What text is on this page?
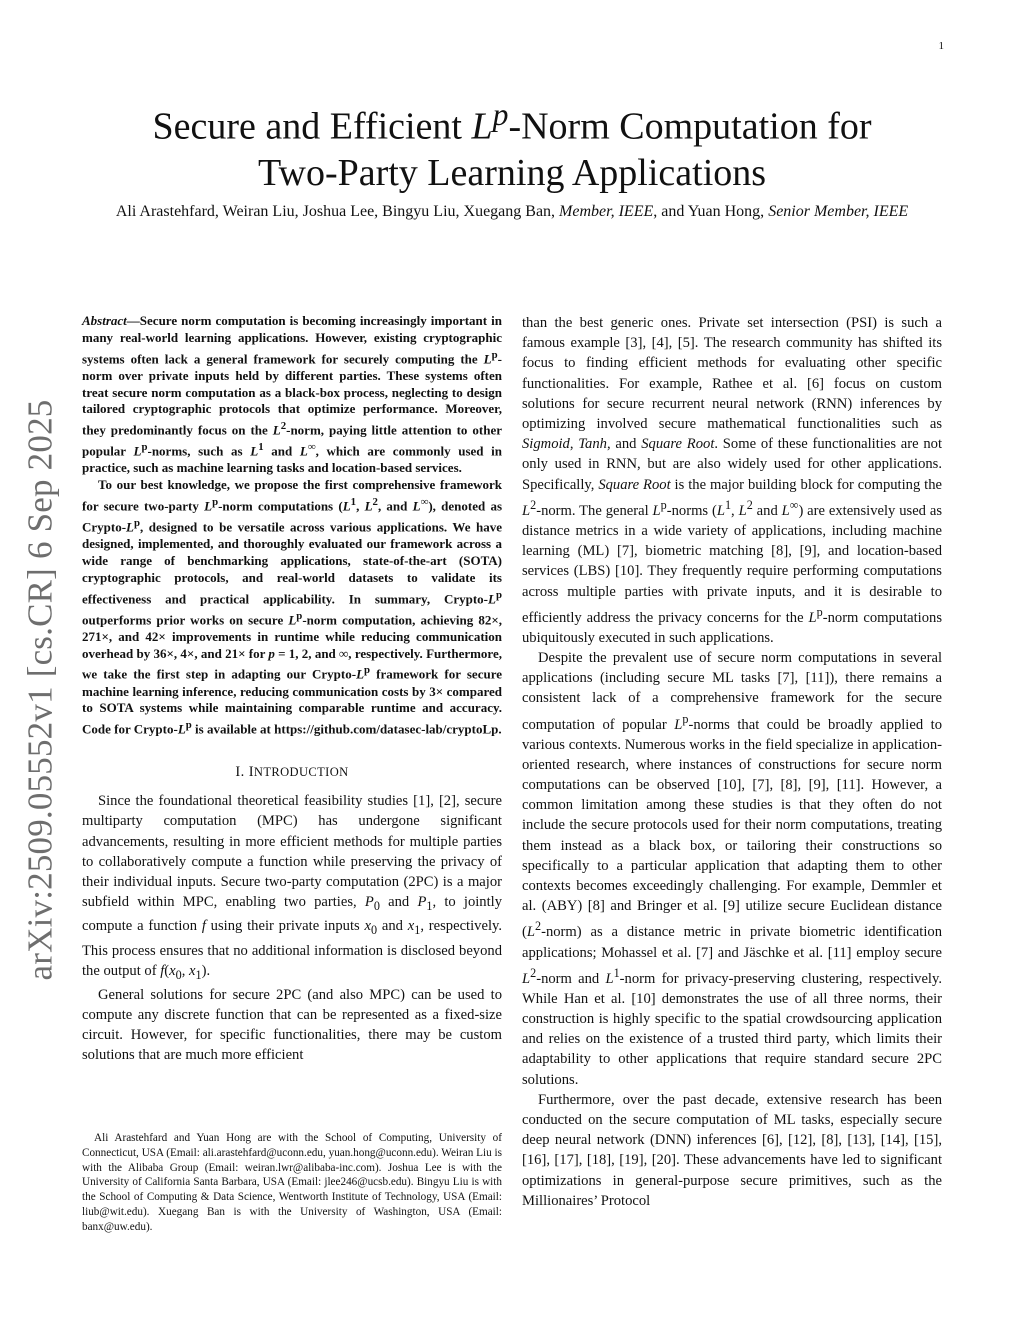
1
arXiv:2509.05552v1 [cs.CR] 6 Sep 2025
Secure and Efficient $L^p$-Norm Computation for
Two-Party Learning Applications
Ali Arastehfard, Weiran Liu, Joshua Lee, Bingyu Liu, Xuegang Ban, Member, IEEE, and Yuan Hong, Senior Member, IEEE

Abstract—Secure norm computation is becoming increasingly important in many real-world learning applications. However, existing cryptographic systems often lack a general framework for securely computing the $L^p$-norm over private inputs held by different parties. These systems often treat secure norm computation as a black-box process, neglecting to design tailored cryptographic protocols that optimize performance. Moreover, they predominantly focus on the $L^2$-norm, paying little attention to other popular $L^p$-norms, such as $L^1$ and L∞, which are commonly used in practice, such as machine learning tasks and location-based services.

To our best knowledge, we propose the first comprehensive framework for secure two-party $L^p$-norm computations ($L^1$, $L^2$, and L∞), denoted as Crypto-$L^p$, designed to be versatile across various applications. We have designed, implemented, and thoroughly evaluated our framework across a wide range of benchmarking applications, state-of-the-art (SOTA) cryptographic protocols, and real-world datasets to validate its effectiveness and practical applicability. In summary, Crypto-$L^p$ outperforms prior works on secure $L^p$-norm computation, achieving 82×, 271×, and 42× improvements in runtime while reducing communication overhead by 36×, 4×, and 21× for p = 1, 2, and ∞, respectively. Furthermore, we take the first step in adapting our Crypto-$L^p$ framework for secure machine learning inference, reducing communication costs by 3× compared to SOTA systems while maintaining comparable runtime and accuracy. Code for Crypto-$L^p$ is available at https://github.com/datasec-lab/cryptoLp.

I. INTRODUCTION

Since the foundational theoretical feasibility studies [1], [2], secure multiparty computation (MPC) has undergone significant advancements, resulting in more efficient methods for multiple parties to collaboratively compute a function while preserving the privacy of their individual inputs. Secure two-party computation (2PC) is a major subfield within MPC, enabling two parties, $P_0$ and $P_1$, to jointly compute a function f using their private inputs $x_0$ and $x_1$, respectively. This process ensures that no additional information is disclosed beyond the output of $f(x_0$, $x_1$).

General solutions for secure 2PC (and also MPC) can be used to compute any discrete function that can be represented as a fixed-size circuit. However, for specific functionalities, there may be custom solutions that are much more efficient

than the best generic ones. Private set intersection (PSI) is such a famous example [3], [4], [5]. The research community has shifted its focus to finding efficient methods for evaluating other specific functionalities. For example, Rathee et al. [6] focus on custom solutions for secure recurrent neural network (RNN) inferences by optimizing involved secure mathematical functionalities such as Sigmoid, Tanh, and Square Root. Some of these functionalities are not only used in RNN, but are also widely used for other applications. Specifically, Square Root is the major building block for computing the $L^2$-norm. The general $L^p$-norms ($L^1$, $L^2$ and L∞) are extensively used as distance metrics in a wide variety of applications, including machine learning (ML) [7], biometric matching [8], [9], and location-based services (LBS) [10]. They frequently require performing computations across multiple parties with private inputs, and it is desirable to efficiently address the privacy concerns for the $L^p$-norm computations ubiquitously executed in such applications.

Despite the prevalent use of secure norm computations in several applications (including secure ML tasks [7], [11]), there remains a consistent lack of a comprehensive framework for the secure computation of popular $L^p$-norms that could be broadly applied to various contexts. Numerous works in the field specialize in application-oriented research, where instances of constructions for secure norm computations can be observed [10], [7], [8], [9], [11]. However, a common limitation among these studies is that they often do not include the secure protocols used for their norm computations, treating them instead as a black box, or tailoring their constructions so specifically to a particular application that adapting them to other contexts becomes exceedingly challenging. For example, Demmler et al. (ABY) [8] and Bringer et al. [9] utilize secure Euclidean distance $(L^2-norm)$ as a distance metric in private biometric identification applications; Mohassel et al. [7] and Jäschke et al. [11] employ secure $L^2$-norm and $L^1$-norm for privacy-preserving clustering, respectively. While Han et al. [10] demonstrates the use of all three norms, their construction is highly specific to the spatial crowdsourcing application and relies on the existence of a trusted third party, which limits their adaptability to other applications that require standard secure 2PC solutions.

Furthermore, over the past decade, extensive research has been conducted on the secure computation of ML tasks, especially secure deep neural network (DNN) inferences [6], [12], [8], [13], [14], [15], [16], [17], [18], [19], [20]. These advancements have led to significant optimizations in general-purpose secure primitives, such as the Millionaires’ Protocol

Ali Arastehfard and Yuan Hong are with the School of Computing, University of Connecticut, USA (Email: ali.arastehfard@uconn.edu, yuan.hong@uconn.edu). Weiran Liu is with the Alibaba Group (Email: weiran.lwr@alibaba-inc.com). Joshua Lee is with the University of California Santa Barbara, USA (Email: jlee246@ucsb.edu). Bingyu Liu is with the School of Computing & Data Science, Wentworth Institute of Technology, USA (Email: liub@wit.edu). Xuegang Ban is with the University of Washington, USA (Email: banx@uw.edu).
